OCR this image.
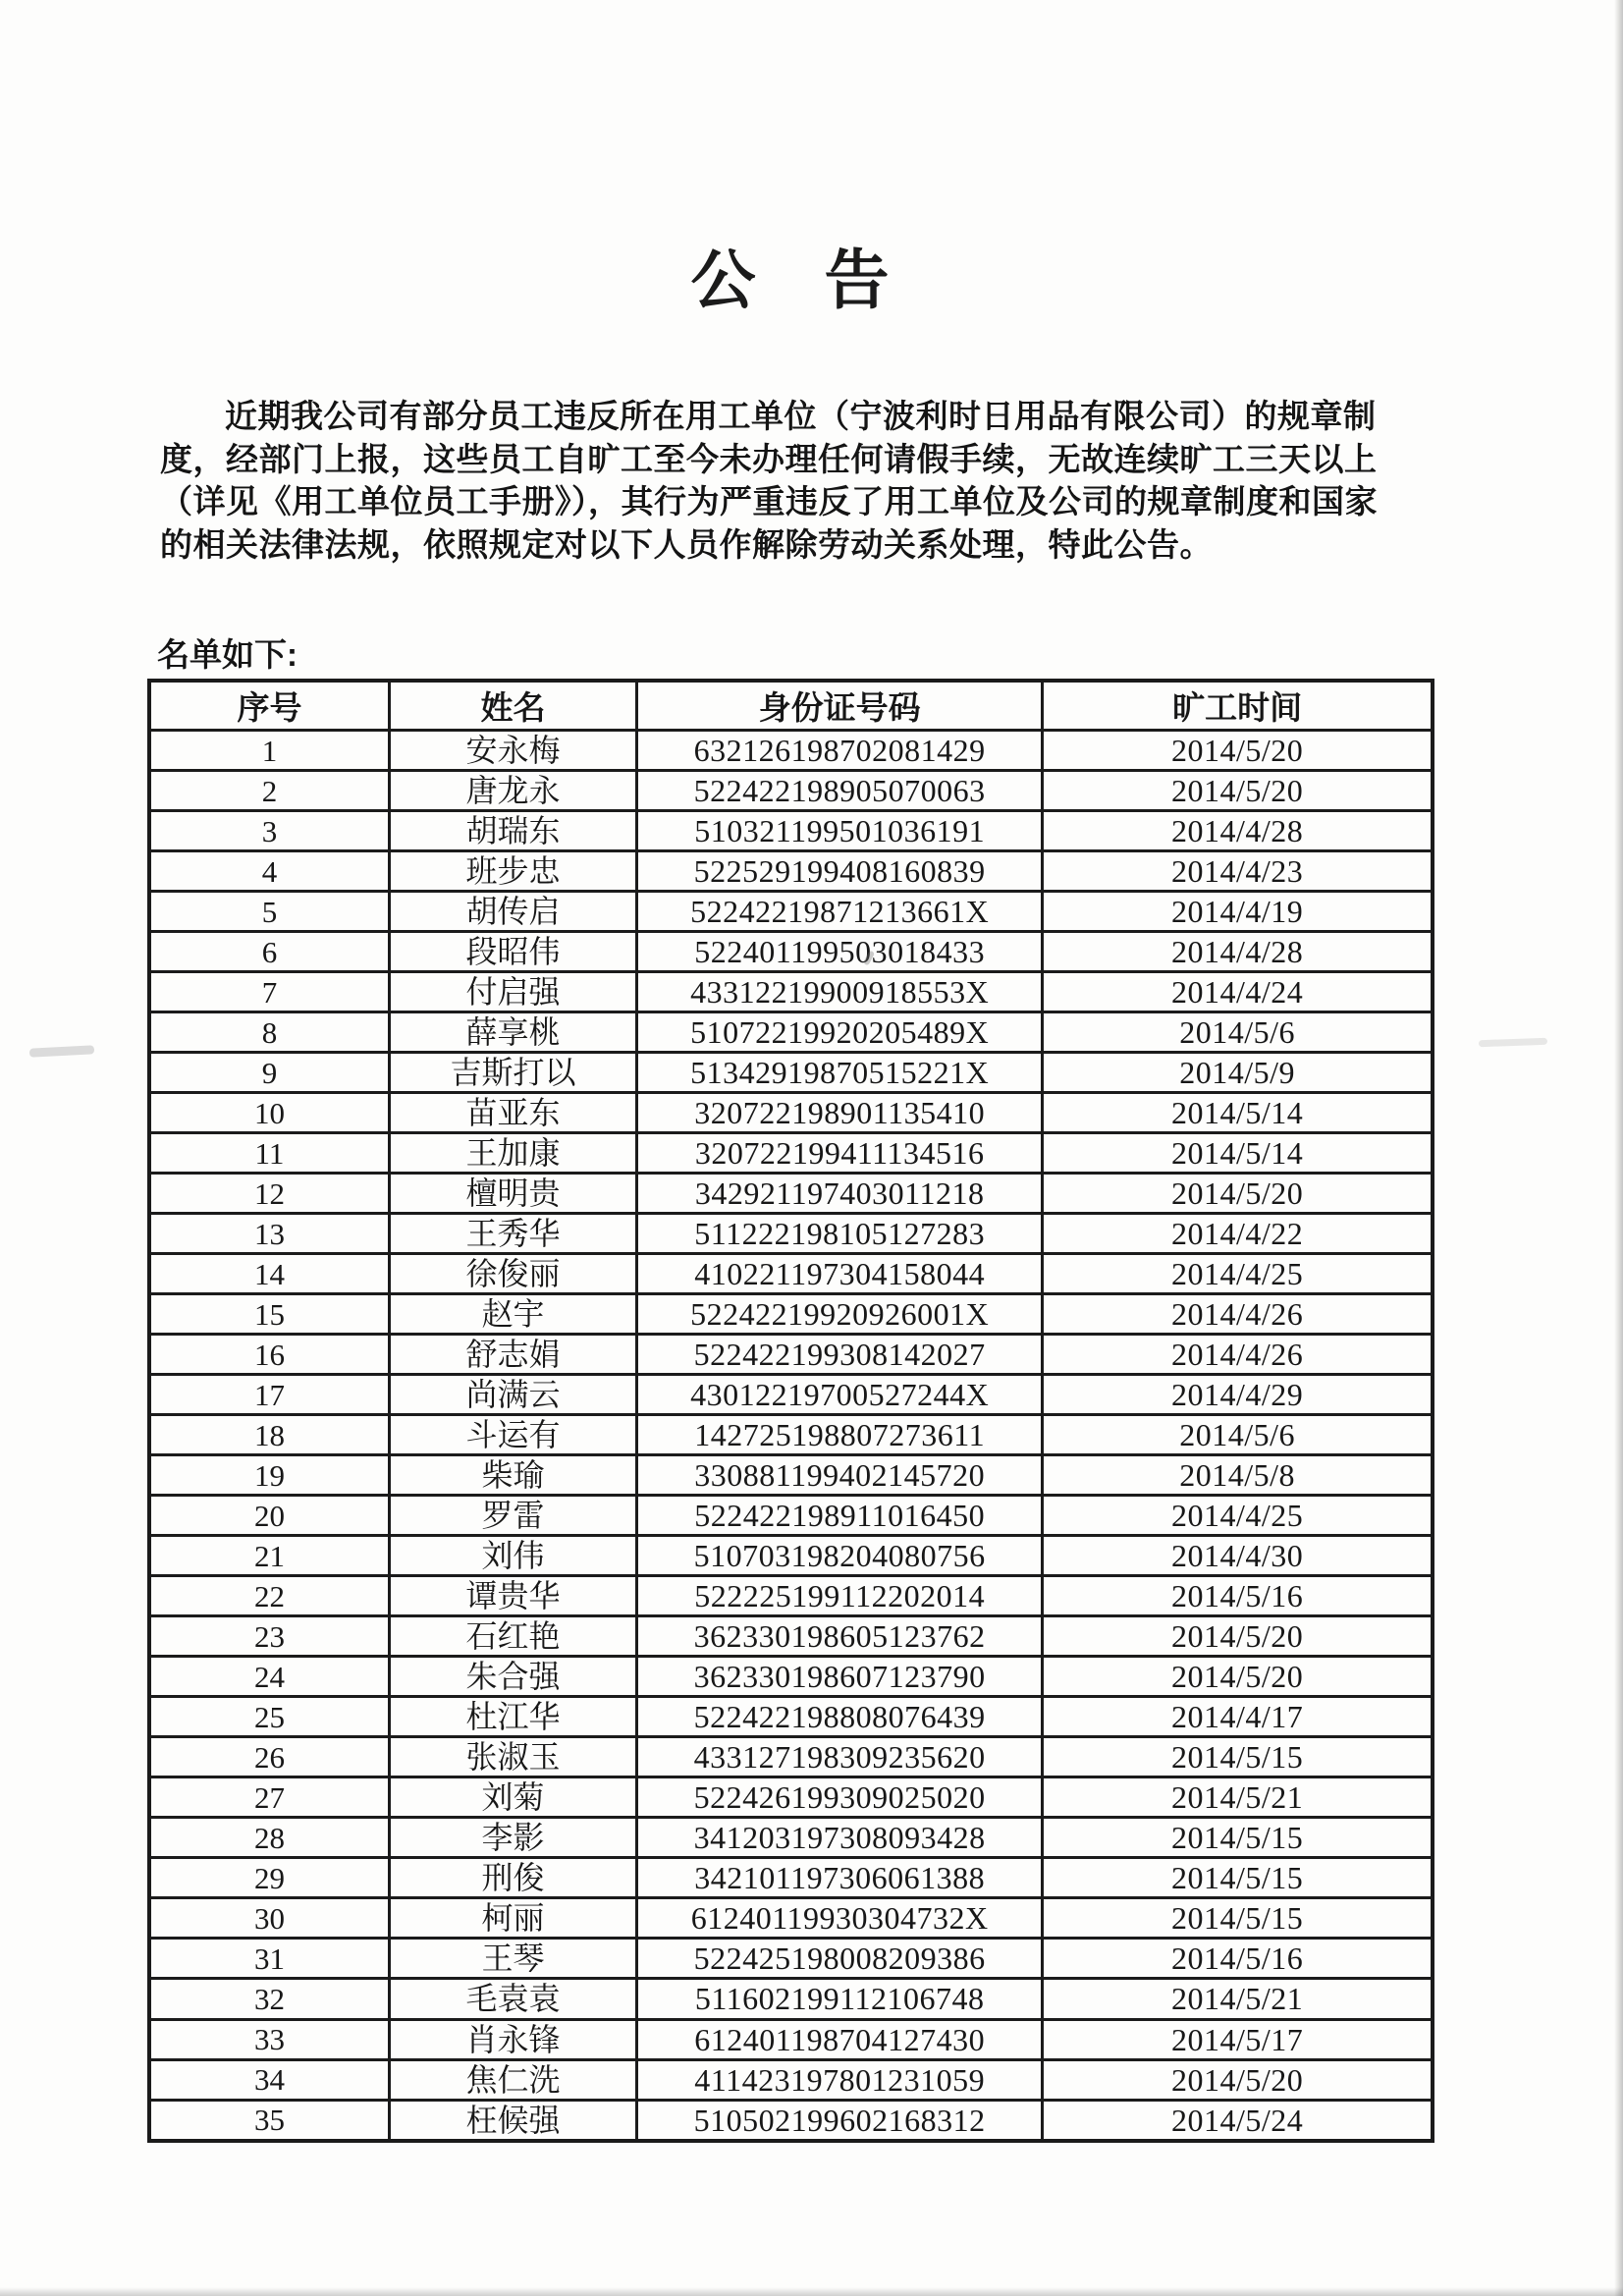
公　告
近期我公司有部分员工违反所在用工单位（宁波利时日用品有限公司）的规章制
度，经部门上报，这些员工自旷工至今未办理任何请假手续，无故连续旷工三天以上
（详见《用工单位员工手册》），其行为严重违反了用工单位及公司的规章制度和国家
的相关法律法规，依照规定对以下人员作解除劳动关系处理，特此公告。
名单如下:
序号	姓名	身份证号码	旷工时间
1	安永梅	632126198702081429	2014/5/20
2	唐龙永	522422198905070063	2014/5/20
3	胡瑞东	510321199501036191	2014/4/28
4	班步忠	522529199408160839	2014/4/23
5	胡传启	52242219871213661X	2014/4/19
6	段昭伟	522401199503018433	2014/4/28
7	付启强	43312219900918553X	2014/4/24
8	薛享桃	51072219920205489X	2014/5/6
9	吉斯打以	51342919870515221X	2014/5/9
10	苗亚东	320722198901135410	2014/5/14
11	王加康	320722199411134516	2014/5/14
12	檀明贵	342921197403011218	2014/5/20
13	王秀华	511222198105127283	2014/4/22
14	徐俊丽	410221197304158044	2014/4/25
15	赵宇	52242219920926001X	2014/4/26
16	舒志娟	522422199308142027	2014/4/26
17	尚满云	43012219700527244X	2014/4/29
18	斗运有	142725198807273611	2014/5/6
19	柴瑜	330881199402145720	2014/5/8
20	罗雷	522422198911016450	2014/4/25
21	刘伟	510703198204080756	2014/4/30
22	谭贵华	522225199112202014	2014/5/16
23	石红艳	362330198605123762	2014/5/20
24	朱合强	362330198607123790	2014/5/20
25	杜江华	522422198808076439	2014/4/17
26	张淑玉	433127198309235620	2014/5/15
27	刘菊	522426199309025020	2014/5/21
28	李影	341203197308093428	2014/5/15
29	刑俊	342101197306061388	2014/5/15
30	柯丽	61240119930304732X	2014/5/15
31	王琴	522425198008209386	2014/5/16
32	毛袁袁	511602199112106748	2014/5/21
33	肖永锋	612401198704127430	2014/5/17
34	焦仁洗	411423197801231059	2014/5/20
35	枉候强	510502199602168312	2014/5/24
